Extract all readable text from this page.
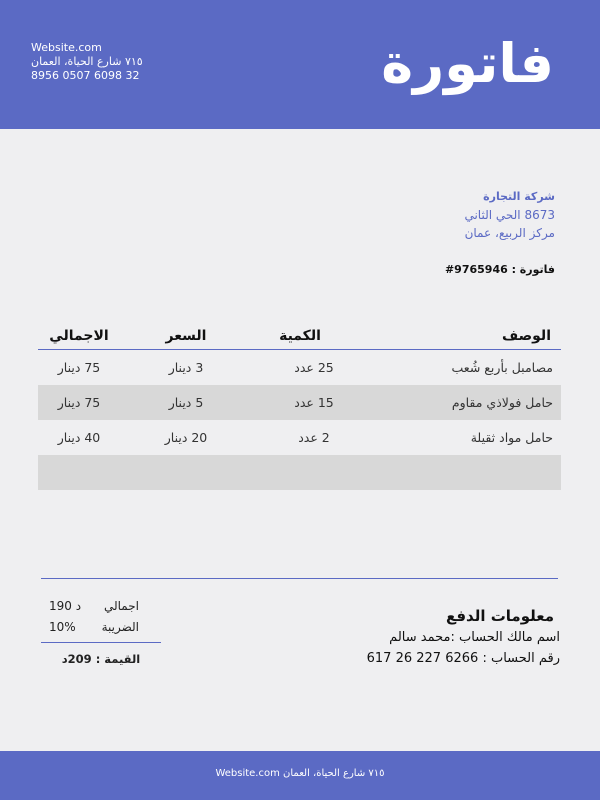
فاتورة
Website.com
٧١٥ شارع الحياة، العمان
8956 0507 6098 32
شركة التجارة
8673 الحي الثاني
مركز الربيع، عمان
فاتورة : 9765946#
الوصف
الكمية
السعر
الاجمالي
مصامبل بأربع شُعب
25 عدد
3 دينار
75 دينار
حامل فولاذي مقاوم
15 عدد
5 دينار
75 دينار
حامل مواد ثقيلة
2 عدد
20 دينار
40 دينار
اجمالي
190 د
الضريبة
10%
القيمة : 209د
معلومات الدفع
اسم مالك الحساب :محمد سالم
رقم الحساب : 6266 227 26 617
٧١٥ شارع الحياة، العمان Website.com
